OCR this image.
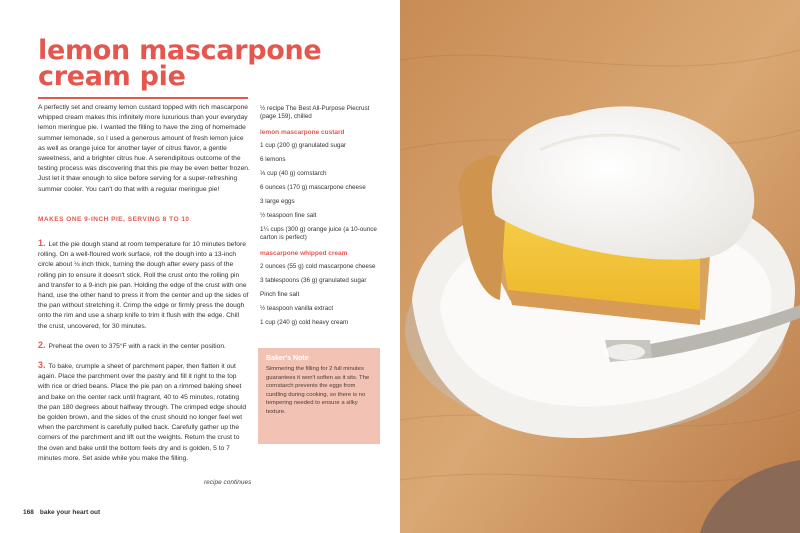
lemon mascarpone cream pie

A perfectly set and creamy lemon custard topped with rich mascarpone whipped cream makes this infinitely more luxurious than your everyday lemon meringue pie. I wanted the filling to have the zing of homemade summer lemonade, so I used a generous amount of fresh lemon juice as well as orange juice for another layer of citrus flavor, a gentle sweetness, and a brighter citrus hue. A serendipitous outcome of the testing process was discovering that this pie may be even better frozen. Just let it thaw enough to slice before serving for a super-refreshing summer cooler. You can't do that with a regular meringue pie!

MAKES ONE 9-INCH PIE, SERVING 8 TO 10

1. Let the pie dough stand at room temperature for 10 minutes before rolling. On a well-floured work surface, roll the dough into a 13-inch circle about ⅛ inch thick, turning the dough after every pass of the rolling pin to ensure it doesn't stick. Roll the crust onto the rolling pin and transfer to a 9-inch pie pan. Holding the edge of the crust with one hand, use the other hand to press it from the center and up the sides of the pan without stretching it. Crimp the edge or firmly press the dough onto the rim and use a sharp knife to trim it flush with the edge. Chill the crust, uncovered, for 30 minutes.

2. Preheat the oven to 375°F with a rack in the center position.

3. To bake, crumple a sheet of parchment paper, then flatten it out again. Place the parchment over the pastry and fill it right to the top with rice or dried beans. Place the pie pan on a rimmed baking sheet and bake on the center rack until fragrant, 40 to 45 minutes, rotating the pan 180 degrees about halfway through. The crimped edge should be golden brown, and the sides of the crust should no longer feel wet when the parchment is carefully pulled back. Carefully gather up the corners of the parchment and lift out the weights. Return the crust to the oven and bake until the bottom feels dry and is golden, 5 to 7 minutes more. Set aside while you make the filling.

recipe continues
168 bake your heart out

½ recipe The Best All-Purpose Piecrust (page 159), chilled

lemon mascarpone custard

1 cup (200 g) granulated sugar

6 lemons

⅓ cup (40 g) cornstarch

6 ounces (170 g) mascarpone cheese

3 large eggs

½ teaspoon fine salt

1¼ cups (300 g) orange juice (a 10-ounce carton is perfect)

mascarpone whipped cream

2 ounces (55 g) cold mascarpone cheese

3 tablespoons (36 g) granulated sugar

Pinch fine salt

½ teaspoon vanilla extract

1 cup (240 g) cold heavy cream

Baker's Note

Simmering the filling for 2 full minutes guarantees it won't soften as it sits. The cornstarch prevents the eggs from curdling during cooking, so there is no tempering needed to ensure a silky texture.
